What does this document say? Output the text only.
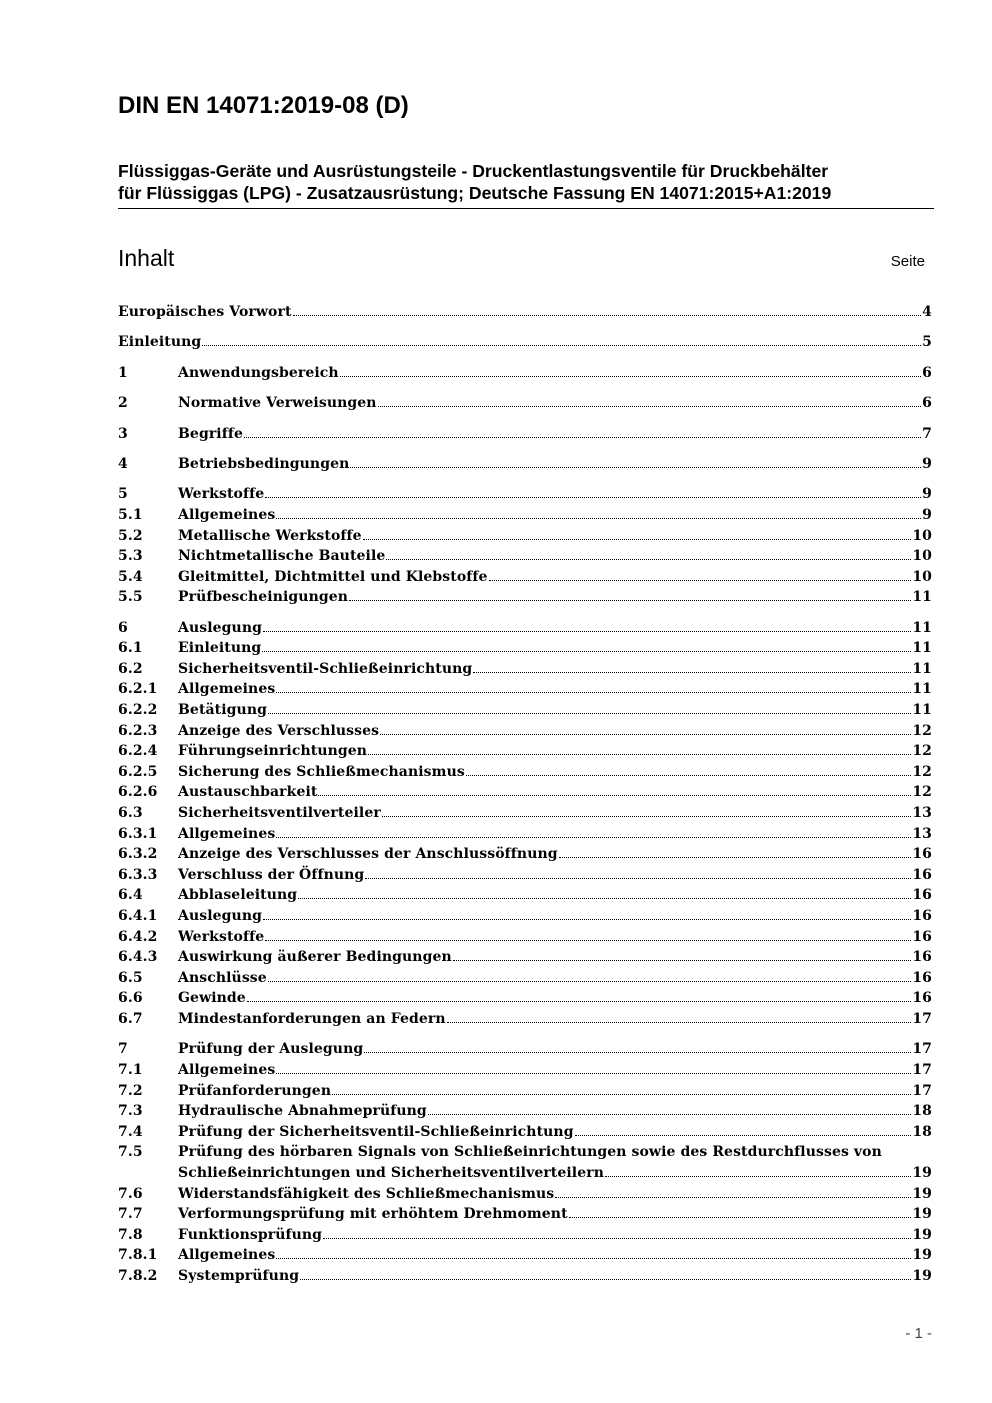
DIN EN 14071:2019-08 (D)
Flüssiggas-Geräte und Ausrüstungsteile - Druckentlastungsventile für Druckbehälter
für Flüssiggas (LPG) - Zusatzausrüstung; Deutsche Fassung EN 14071:2015+A1:2019
Inhalt	Seite
Europäisches Vorwort	4
Einleitung	5
1	Anwendungsbereich	6
2	Normative Verweisungen	6
3	Begriffe	7
4	Betriebsbedingungen	9
5	Werkstoffe	9
5.1	Allgemeines	9
5.2	Metallische Werkstoffe	10
5.3	Nichtmetallische Bauteile	10
5.4	Gleitmittel, Dichtmittel und Klebstoffe	10
5.5	Prüfbescheinigungen	11
6	Auslegung	11
6.1	Einleitung	11
6.2	Sicherheitsventil-Schließeinrichtung	11
6.2.1	Allgemeines	11
6.2.2	Betätigung	11
6.2.3	Anzeige des Verschlusses	12
6.2.4	Führungseinrichtungen	12
6.2.5	Sicherung des Schließmechanismus	12
6.2.6	Austauschbarkeit	12
6.3	Sicherheitsventilverteiler	13
6.3.1	Allgemeines	13
6.3.2	Anzeige des Verschlusses der Anschlussöffnung	16
6.3.3	Verschluss der Öffnung	16
6.4	Abblaseleitung	16
6.4.1	Auslegung	16
6.4.2	Werkstoffe	16
6.4.3	Auswirkung äußerer Bedingungen	16
6.5	Anschlüsse	16
6.6	Gewinde	16
6.7	Mindestanforderungen an Federn	17
7	Prüfung der Auslegung	17
7.1	Allgemeines	17
7.2	Prüfanforderungen	17
7.3	Hydraulische Abnahmeprüfung	18
7.4	Prüfung der Sicherheitsventil-Schließeinrichtung	18
7.5	Prüfung des hörbaren Signals von Schließeinrichtungen sowie des Restdurchflusses von
Schließeinrichtungen und Sicherheitsventilverteilern	19
7.6	Widerstandsfähigkeit des Schließmechanismus	19
7.7	Verformungsprüfung mit erhöhtem Drehmoment	19
7.8	Funktionsprüfung	19
7.8.1	Allgemeines	19
7.8.2	Systemprüfung	19
- 1 -
